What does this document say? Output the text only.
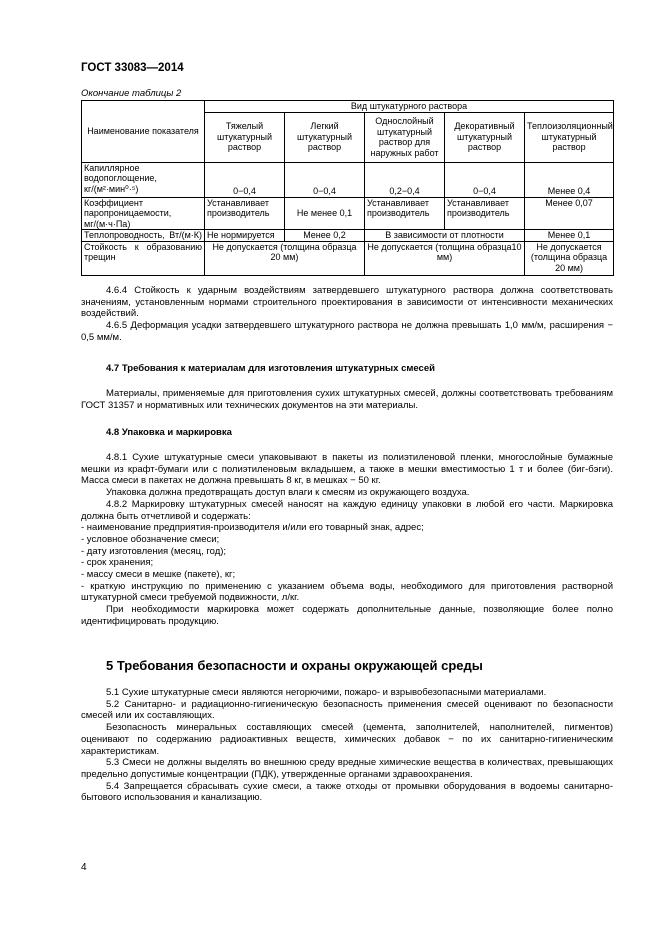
ГОСТ 33083—2014
Окончание таблицы 2
Наименование показателя	Вид штукатурного раствора				
	Тяжелый штукатурный раствор	Легкий штукатурный раствор	Однослойный штукатурный раствор для наружных работ	Декоративный штукатурный раствор	Теплоизоляционный штукатурный раствор
Капиллярное водопоглощение, кг/(м²·мин⁰·⁵)	0−0,4	0−0,4	0,2−0,4	0−0,4	Менее 0,4
Коэффициент паропроницаемости, мг/(м·ч·Па)	Устанавливает производитель	Не менее 0,1	Устанавливает производитель	Устанавливает производитель	Менее 0,07
Теплопроводность, Вт/(м·К)	Не нормируется	Менее 0,2	В зависимости от плотности		Менее 0,1
Стойкость к образованию трещин	Не допускается (толщина образца 20 мм)		Не допускается (толщина образца10 мм)		Не допускается (толщина образца 20 мм)

4.6.4 Стойкость к ударным воздействиям затвердевшего штукатурного раствора должна соответствовать значениям, установленным нормами строительного проектирования в зависимости от интенсивности механических воздействий.

4.6.5 Деформация усадки затвердевшего штукатурного раствора не должна превышать 1,0 мм/м, расширения − 0,5 мм/м.

4.7 Требования к материалам для изготовления штукатурных смесей

Материалы, применяемые для приготовления сухих штукатурных смесей, должны соответствовать требованиям ГОСТ 31357 и нормативных или технических документов на эти материалы.

4.8 Упаковка и маркировка

4.8.1 Сухие штукатурные смеси упаковывают в пакеты из полиэтиленовой пленки, многослойные бумажные мешки из крафт-бумаги или с полиэтиленовым вкладышем, а также в мешки вместимостью 1 т и более (биг-бэги). Масса смеси в пакетах не должна превышать 8 кг, в мешках − 50 кг.

Упаковка должна предотвращать доступ влаги к смесям из окружающего воздуха.

4.8.2 Маркировку штукатурных смесей наносят на каждую единицу упаковки в любой его части. Маркировка должна быть отчетливой и содержать:

- наименование предприятия-производителя и/или его товарный знак, адрес;

- условное обозначение смеси;

- дату изготовления (месяц, год);

- срок хранения;

- массу смеси в мешке (пакете), кг;

- краткую инструкцию по применению с указанием объема воды, необходимого для приготовления растворной штукатурной смеси требуемой подвижности, л/кг.

При необходимости маркировка может содержать дополнительные данные, позволяющие более полно идентифицировать продукцию.

5 Требования безопасности и охраны окружающей среды

5.1 Сухие штукатурные смеси являются негорючими, пожаро- и взрывобезопасными материалами.

5.2 Санитарно- и радиационно-гигиеническую безопасность применения смесей оценивают по безопасности смесей или их составляющих.

Безопасность минеральных составляющих смесей (цемента, заполнителей, наполнителей, пигментов) оценивают по содержанию радиоактивных веществ, химических добавок − по их санитарно-гигиеническим характеристикам.

5.3 Смеси не должны выделять во внешнюю среду вредные химические вещества в количествах, превышающих предельно допустимые концентрации (ПДК), утвержденные органами здравоохранения.

5.4 Запрещается сбрасывать сухие смеси, а также отходы от промывки оборудования в водоемы санитарно-бытового использования и канализацию.

4
